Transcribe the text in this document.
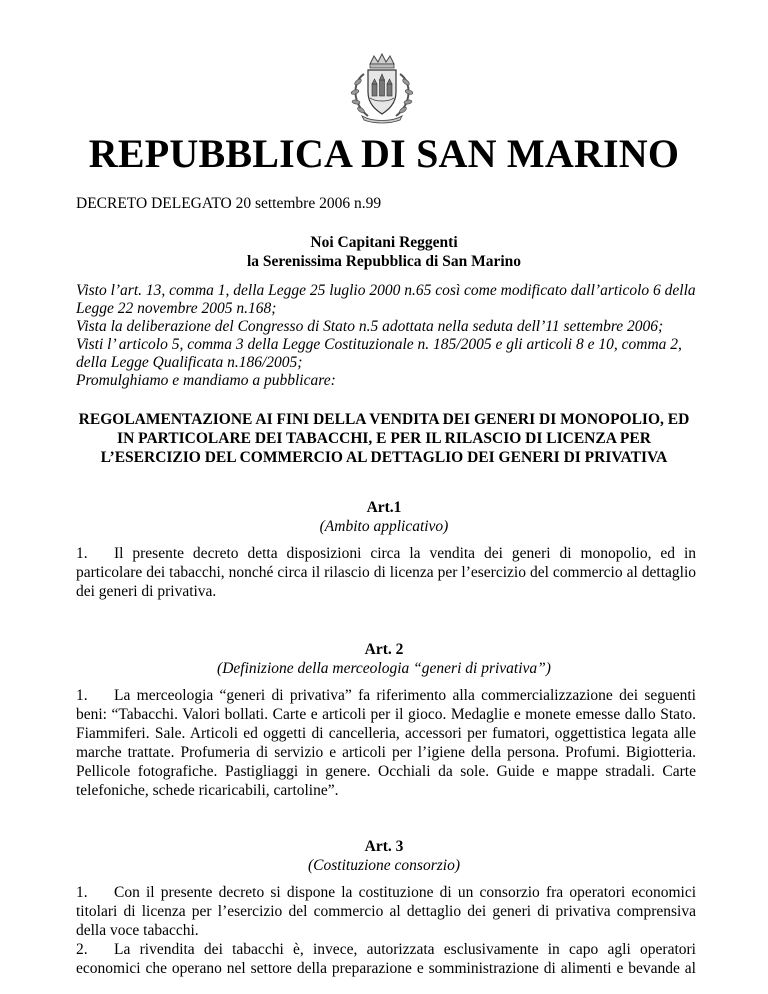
REPUBBLICA DI SAN MARINO

DECRETO DELEGATO 20 settembre 2006 n.99

Noi Capitani Reggenti

la Serenissima Repubblica di San Marino

Visto l’art. 13, comma 1, della Legge 25 luglio 2000 n.65 così come modificato dall’articolo 6 della
Legge 22 novembre 2005 n.168;
Vista la deliberazione del Congresso di Stato n.5 adottata nella seduta dell’11 settembre 2006;
Visti l’ articolo 5, comma 3 della Legge Costituzionale n. 185/2005 e gli articoli 8 e 10, comma 2,
della Legge Qualificata n.186/2005;
Promulghiamo e mandiamo a pubblicare:
REGOLAMENTAZIONE AI FINI DELLA VENDITA DEI GENERI DI MONOPOLIO, ED
IN PARTICOLARE DEI TABACCHI, E PER IL RILASCIO DI LICENZA PER
L’ESERCIZIO DEL COMMERCIO AL DETTAGLIO DEI GENERI DI PRIVATIVA

Art.1

(Ambito applicativo)

1. Il presente decreto detta disposizioni circa la vendita dei generi di monopolio, ed in
particolare dei tabacchi, nonché circa il rilascio di licenza per l’esercizio del commercio al dettaglio
dei generi di privativa.

Art. 2

(Definizione della merceologia “generi di privativa”)

1. La merceologia “generi di privativa” fa riferimento alla commercializzazione dei seguenti
beni: “Tabacchi. Valori bollati. Carte e articoli per il gioco. Medaglie e monete emesse dallo Stato.
Fiammiferi. Sale. Articoli ed oggetti di cancelleria, accessori per fumatori, oggettistica legata alle
marche trattate. Profumeria di servizio e articoli per l’igiene della persona. Profumi. Bigiotteria.
Pellicole fotografiche. Pastigliaggi in genere. Occhiali da sole. Guide e mappe stradali. Carte
telefoniche, schede ricaricabili, cartoline”.

Art. 3

(Costituzione consorzio)

1. Con il presente decreto si dispone la costituzione di un consorzio fra operatori economici
titolari di licenza per l’esercizio del commercio al dettaglio dei generi di privativa comprensiva
della voce tabacchi.
2. La rivendita dei tabacchi è, invece, autorizzata esclusivamente in capo agli operatori
economici che operano nel settore della preparazione e somministrazione di alimenti e bevande al
